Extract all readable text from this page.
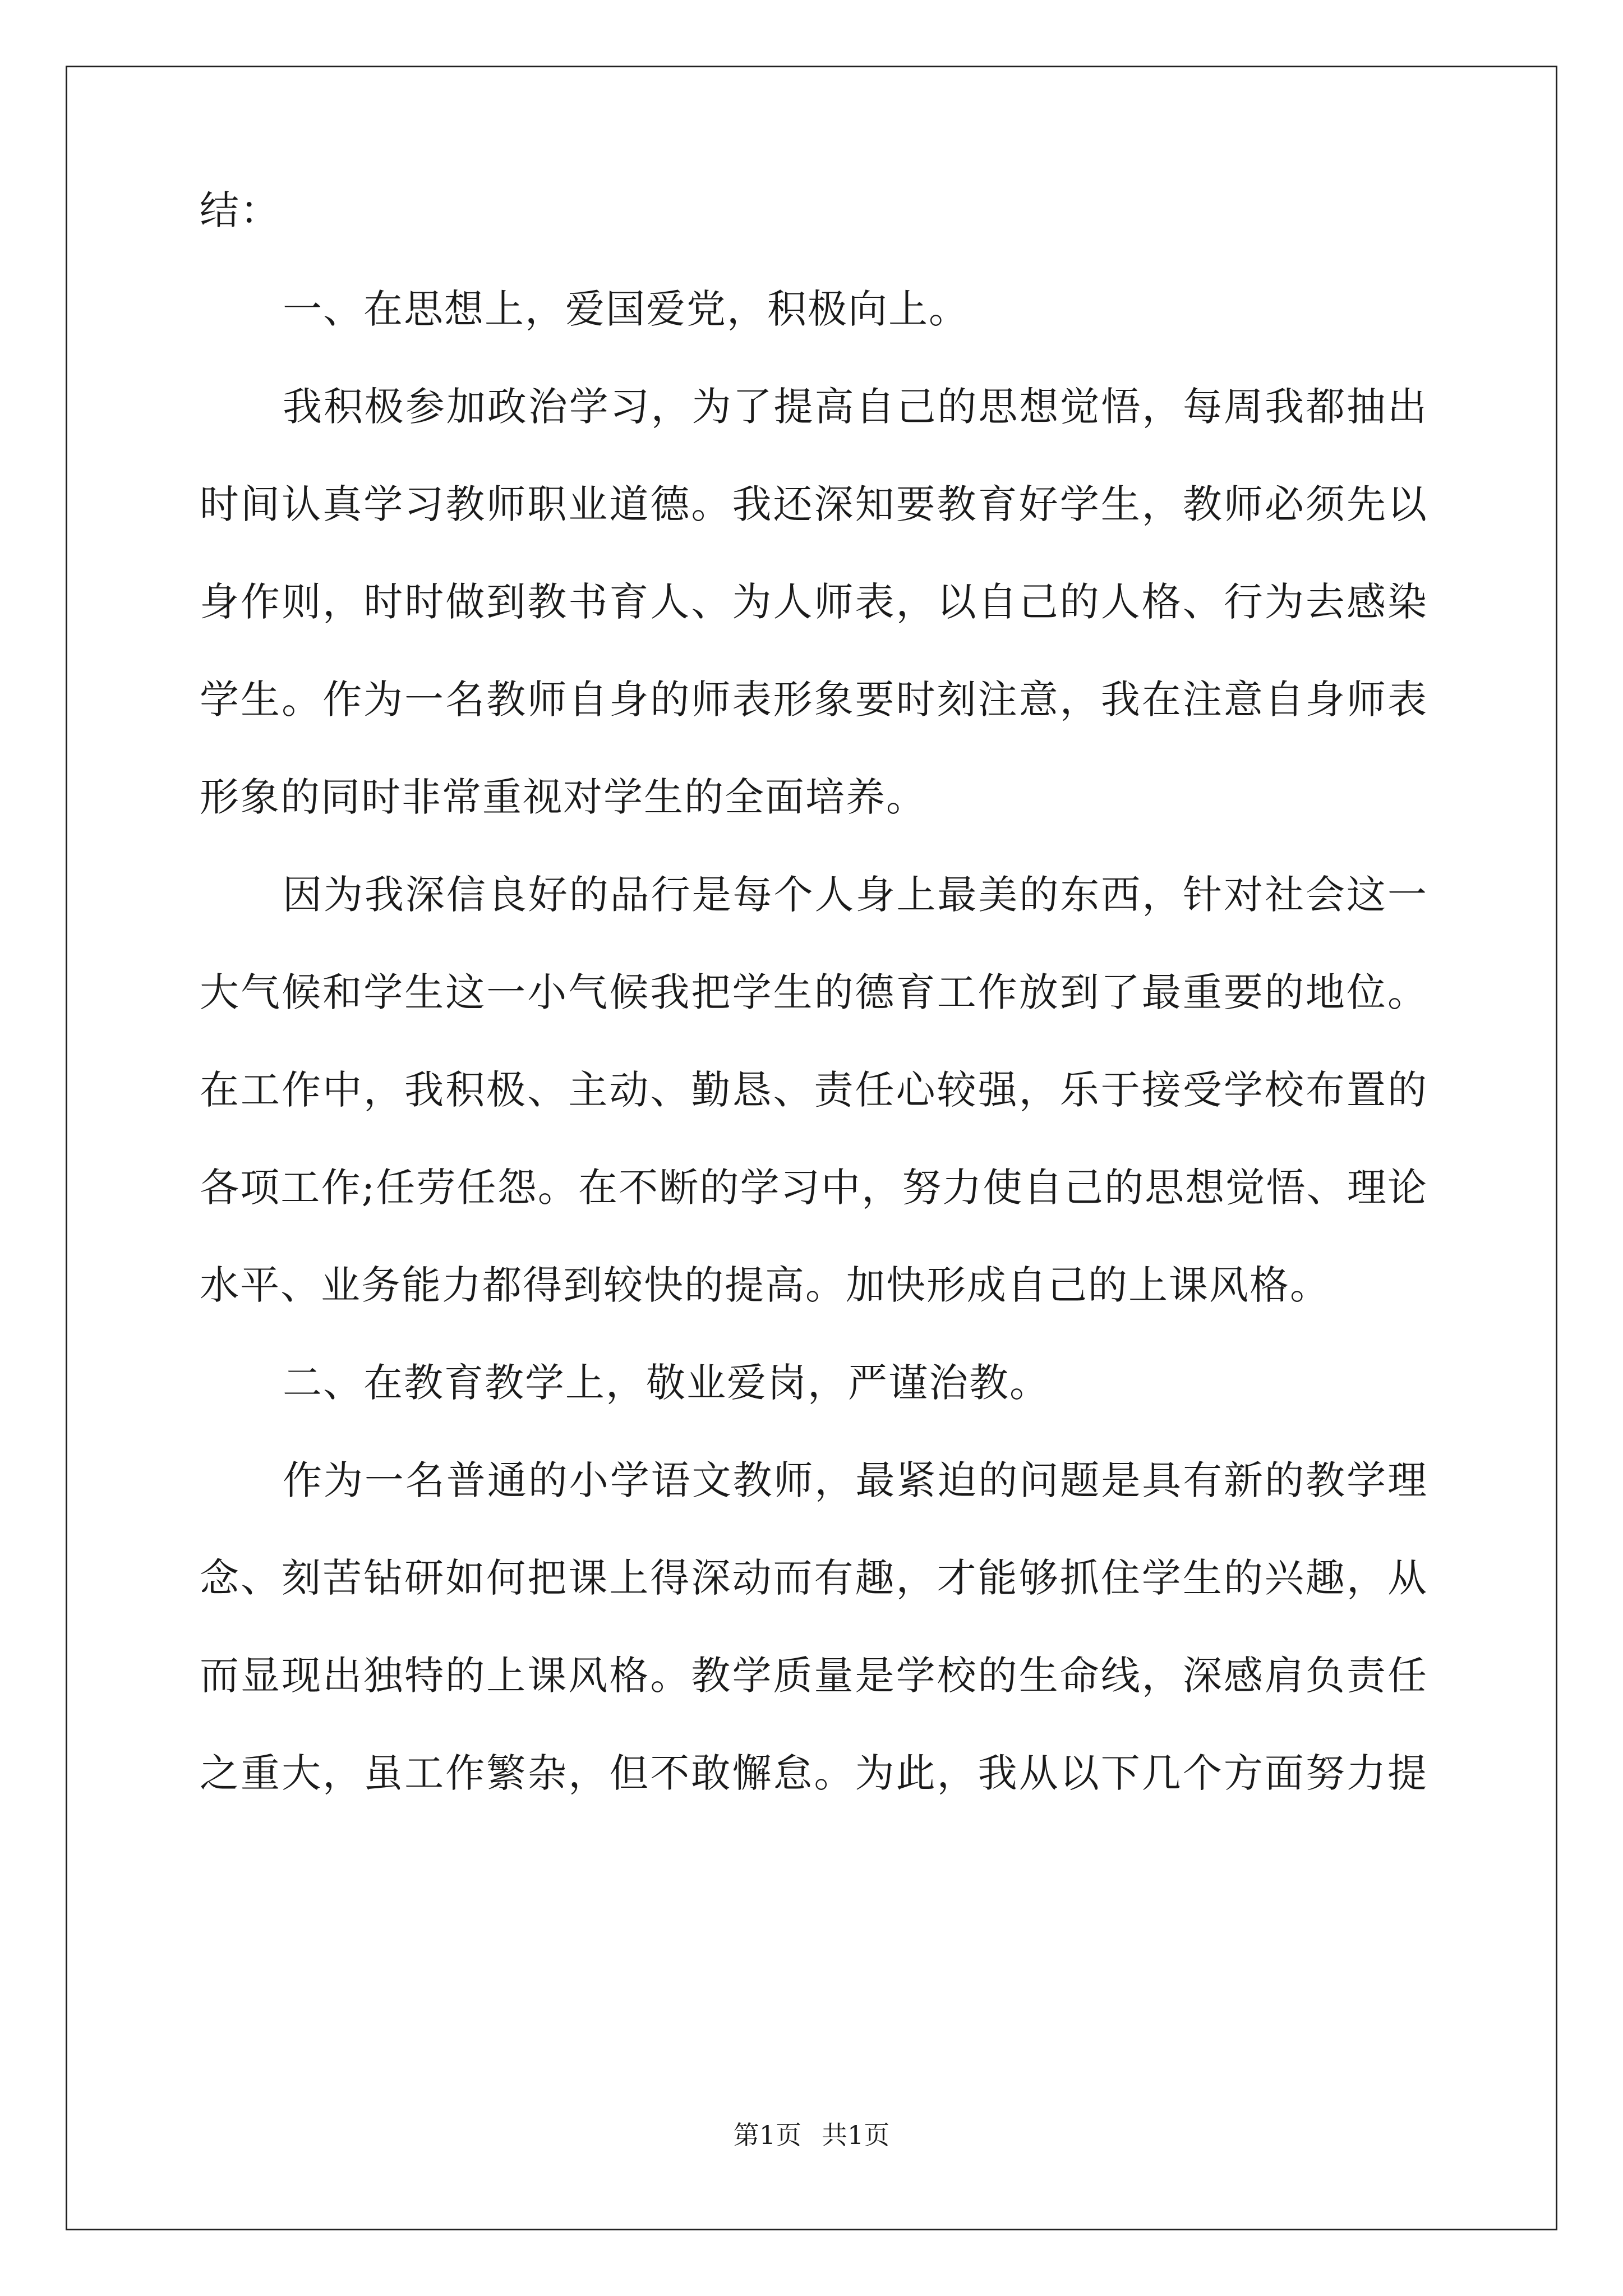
结：
一、在思想上，爱国爱党，积极向上。
我积极参加政治学习，为了提高自己的思想觉悟，每周我都抽出
时间认真学习教师职业道德。我还深知要教育好学生，教师必须先以
身作则，时时做到教书育人、为人师表，以自己的人格、行为去感染
学生。作为一名教师自身的师表形象要时刻注意，我在注意自身师表
形象的同时非常重视对学生的全面培养。
因为我深信良好的品行是每个人身上最美的东西，针对社会这一
大气候和学生这一小气候我把学生的德育工作放到了最重要的地位。
在工作中，我积极、主动、勤恳、责任心较强，乐于接受学校布置的
各项工作;任劳任怨。在不断的学习中，努力使自己的思想觉悟、理论
水平、业务能力都得到较快的提高。加快形成自己的上课风格。
二、在教育教学上，敬业爱岗，严谨治教。
作为一名普通的小学语文教师，最紧迫的问题是具有新的教学理
念、刻苦钻研如何把课上得深动而有趣，才能够抓住学生的兴趣，从
而显现出独特的上课风格。教学质量是学校的生命线，深感肩负责任
之重大，虽工作繁杂，但不敢懈怠。为此，我从以下几个方面努力提
第1页 共1页
